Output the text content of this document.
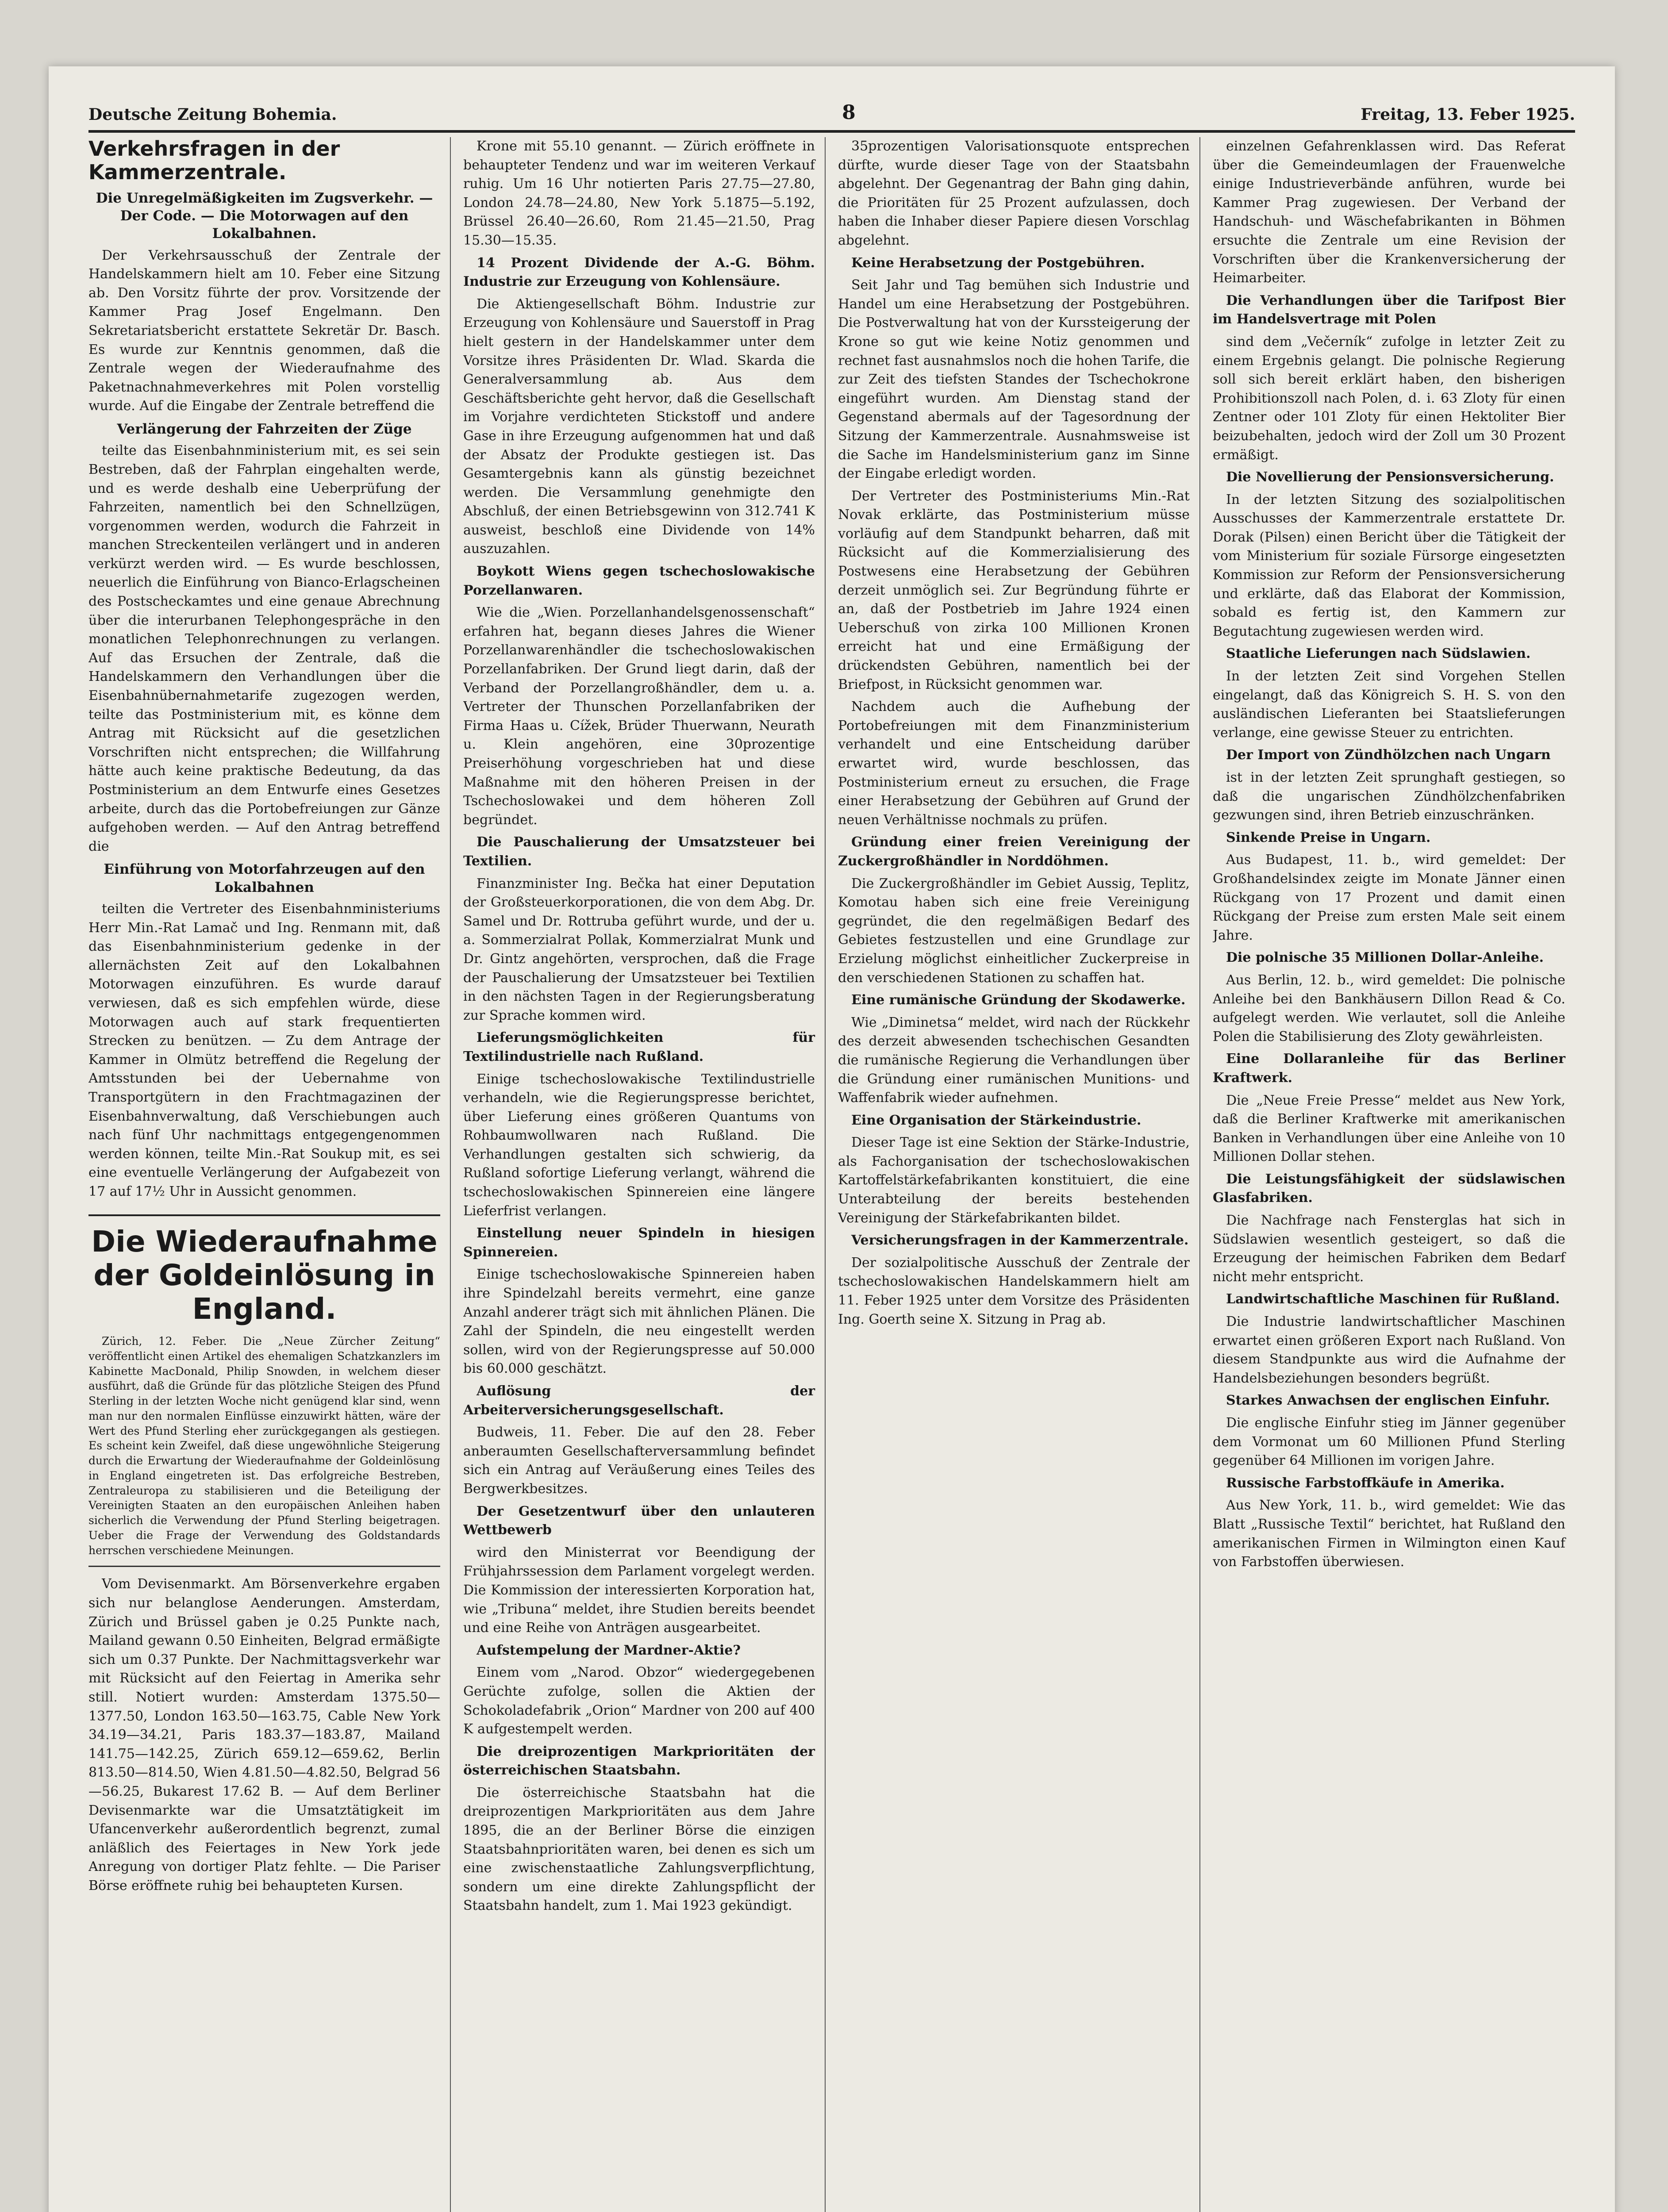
Deutsche Zeitung Bohemia.	8	Freitag, 13. Feber 1925.
Verkehrsfragen in der Kammerzentrale.
Die Unregelmäßigkeiten im Zugsverkehr. — Der Code. — Die Motorwagen auf den Lokalbahnen.

Der Verkehrsausschuß der Zentrale der Handelskammern hielt am 10. Feber eine Sitzung ab. Den Vorsitz führte der prov. Vorsitzende der Kammer Prag Josef Engelmann. Den Sekretariatsbericht erstattete Sekretär Dr. Basch. Es wurde zur Kenntnis genommen, daß die Zentrale wegen der Wiederaufnahme des Paketnachnahmeverkehres mit Polen vorstellig wurde. Auf die Eingabe der Zentrale betreffend die

Verlängerung der Fahrzeiten der Züge

teilte das Eisenbahnministerium mit, es sei sein Bestreben, daß der Fahrplan eingehalten werde, und es werde deshalb eine Ueberprüfung der Fahrzeiten, namentlich bei den Schnellzügen, vorgenommen werden, wodurch die Fahrzeit in manchen Streckenteilen verlängert und in anderen verkürzt werden wird. — Es wurde beschlossen, neuerlich die Einführung von Bianco-Erlagscheinen des Postscheckamtes und eine genaue Abrechnung über die interurbanen Telephongespräche in den monatlichen Telephonrechnungen zu verlangen. Auf das Ersuchen der Zentrale, daß die Handelskammern den Verhandlungen über die Eisenbahnübernahmetarife zugezogen werden, teilte das Postministerium mit, es könne dem Antrag mit Rücksicht auf die gesetzlichen Vorschriften nicht entsprechen; die Willfahrung hätte auch keine praktische Bedeutung, da das Postministerium an dem Entwurfe eines Gesetzes arbeite, durch das die Portobefreiungen zur Gänze aufgehoben werden. — Auf den Antrag betreffend die

Einführung von Motorfahrzeugen auf den Lokalbahnen

teilten die Vertreter des Eisenbahnministeriums Herr Min.-Rat Lamač und Ing. Renmann mit, daß das Eisenbahnministerium gedenke in der allernächsten Zeit auf den Lokalbahnen Motorwagen einzuführen. Es wurde darauf verwiesen, daß es sich empfehlen würde, diese Motorwagen auch auf stark frequentierten Strecken zu benützen. — Zu dem Antrage der Kammer in Olmütz betreffend die Regelung der Amtsstunden bei der Uebernahme von Transportgütern in den Frachtmagazinen der Eisenbahnverwaltung, daß Verschiebungen auch nach fünf Uhr nachmittags entgegengenommen werden können, teilte Min.-Rat Soukup mit, es sei eine eventuelle Verlängerung der Aufgabezeit von 17 auf 17½ Uhr in Aussicht genommen.

Die Wiederaufnahme der Goldeinlösung in England.

Zürich, 12. Feber. Die „Neue Zürcher Zeitung“ veröffentlicht einen Artikel des ehemaligen Schatzkanzlers im Kabinette MacDonald, Philip Snowden, in welchem dieser ausführt, daß die Gründe für das plötzliche Steigen des Pfund Sterling in der letzten Woche nicht genügend klar sind, wenn man nur den normalen Einflüsse einzuwirkt hätten, wäre der Wert des Pfund Sterling eher zurückgegangen als gestiegen. Es scheint kein Zweifel, daß diese ungewöhnliche Steigerung durch die Erwartung der Wiederaufnahme der Goldeinlösung in England eingetreten ist. Das erfolgreiche Bestreben, Zentraleuropa zu stabilisieren und die Beteiligung der Vereinigten Staaten an den europäischen Anleihen haben sicherlich die Verwendung der Pfund Sterling beigetragen. Ueber die Frage der Verwendung des Goldstandards herrschen verschiedene Meinungen.

Vom Devisenmarkt. Am Börsenverkehre ergaben sich nur belanglose Aenderungen. Amsterdam, Zürich und Brüssel gaben je 0.25 Punkte nach, Mailand gewann 0.50 Einheiten, Belgrad ermäßigte sich um 0.37 Punkte. Der Nachmittagsverkehr war mit Rücksicht auf den Feiertag in Amerika sehr still. Notiert wurden: Amsterdam 1375.50—1377.50, London 163.50—163.75, Cable New York 34.19—34.21, Paris 183.37—183.87, Mailand 141.75—142.25, Zürich 659.12—659.62, Berlin 813.50—814.50, Wien 4.81.50—4.82.50, Belgrad 56—56.25, Bukarest 17.62 B. — Auf dem Berliner Devisenmarkte war die Umsatztätigkeit im Ufancenverkehr außerordentlich begrenzt, zumal anläßlich des Feiertages in New York jede Anregung von dortiger Platz fehlte. — Die Pariser Börse eröffnete ruhig bei behaupteten Kursen.

Krone mit 55.10 genannt. — Zürich eröffnete in behaupteter Tendenz und war im weiteren Verkauf ruhig. Um 16 Uhr notierten Paris 27.75—27.80, London 24.78—24.80, New York 5.1875—5.192, Brüssel 26.40—26.60, Rom 21.45—21.50, Prag 15.30—15.35.

14 Prozent Dividende der A.-G. Böhm. Industrie zur Erzeugung von Kohlensäure.

Die Aktiengesellschaft Böhm. Industrie zur Erzeugung von Kohlensäure und Sauerstoff in Prag hielt gestern in der Handelskammer unter dem Vorsitze ihres Präsidenten Dr. Wlad. Skarda die Generalversammlung ab. Aus dem Geschäftsberichte geht hervor, daß die Gesellschaft im Vorjahre verdichteten Stickstoff und andere Gase in ihre Erzeugung aufgenommen hat und daß der Absatz der Produkte gestiegen ist. Das Gesamtergebnis kann als günstig bezeichnet werden. Die Versammlung genehmigte den Abschluß, der einen Betriebsgewinn von 312.741 K ausweist, beschloß eine Dividende von 14% auszuzahlen.

Boykott Wiens gegen tschechoslowakische Porzellanwaren.

Wie die „Wien. Porzellanhandelsgenossenschaft“ erfahren hat, begann dieses Jahres die Wiener Porzellanwarenhändler die tschechoslowakischen Porzellanfabriken. Der Grund liegt darin, daß der Verband der Porzellangroßhändler, dem u. a. Vertreter der Thunschen Porzellanfabriken der Firma Haas u. Cížek, Brüder Thuerwann, Neurath u. Klein angehören, eine 30prozentige Preiserhöhung vorgeschrieben hat und diese Maßnahme mit den höheren Preisen in der Tschechoslowakei und dem höheren Zoll begründet.

Die Pauschalierung der Umsatzsteuer bei Textilien.

Finanzminister Ing. Bečka hat einer Deputation der Großsteuerkorporationen, die von dem Abg. Dr. Samel und Dr. Rottruba geführt wurde, und der u. a. Sommerzialrat Pollak, Kommerzialrat Munk und Dr. Gintz angehörten, versprochen, daß die Frage der Pauschalierung der Umsatzsteuer bei Textilien in den nächsten Tagen in der Regierungsberatung zur Sprache kommen wird.

Lieferungsmöglichkeiten für Textilindustrielle nach Rußland.

Einige tschechoslowakische Textilindustrielle verhandeln, wie die Regierungspresse berichtet, über Lieferung eines größeren Quantums von Rohbaumwollwaren nach Rußland. Die Verhandlungen gestalten sich schwierig, da Rußland sofortige Lieferung verlangt, während die tschechoslowakischen Spinnereien eine längere Lieferfrist verlangen.

Einstellung neuer Spindeln in hiesigen Spinnereien.

Einige tschechoslowakische Spinnereien haben ihre Spindelzahl bereits vermehrt, eine ganze Anzahl anderer trägt sich mit ähnlichen Plänen. Die Zahl der Spindeln, die neu eingestellt werden sollen, wird von der Regierungspresse auf 50.000 bis 60.000 geschätzt.

Auflösung der Arbeiterversicherungsgesellschaft.

Budweis, 11. Feber. Die auf den 28. Feber anberaumten Gesellschafterversammlung befindet sich ein Antrag auf Veräußerung eines Teiles des Bergwerkbesitzes.

Der Gesetzentwurf über den unlauteren Wettbewerb

wird den Ministerrat vor Beendigung der Frühjahrssession dem Parlament vorgelegt werden. Die Kommission der interessierten Korporation hat, wie „Tribuna“ meldet, ihre Studien bereits beendet und eine Reihe von Anträgen ausgearbeitet.

Aufstempelung der Mardner-Aktie?

Einem vom „Narod. Obzor“ wiedergegebenen Gerüchte zufolge, sollen die Aktien der Schokoladefabrik „Orion“ Mardner von 200 auf 400 K aufgestempelt werden.

Die dreiprozentigen Markprioritäten der österreichischen Staatsbahn.

Die österreichische Staatsbahn hat die dreiprozentigen Markprioritäten aus dem Jahre 1895, die an der Berliner Börse die einzigen Staatsbahnprioritäten waren, bei denen es sich um eine zwischenstaatliche Zahlungsverpflichtung, sondern um eine direkte Zahlungspflicht der Staatsbahn handelt, zum 1. Mai 1923 gekündigt.

35prozentigen Valorisationsquote entsprechen dürfte, wurde dieser Tage von der Staatsbahn abgelehnt. Der Gegenantrag der Bahn ging dahin, die Prioritäten für 25 Prozent aufzulassen, doch haben die Inhaber dieser Papiere diesen Vorschlag abgelehnt.

Keine Herabsetzung der Postgebühren.

Seit Jahr und Tag bemühen sich Industrie und Handel um eine Herabsetzung der Postgebühren. Die Postverwaltung hat von der Kurssteigerung der Krone so gut wie keine Notiz genommen und rechnet fast ausnahmslos noch die hohen Tarife, die zur Zeit des tiefsten Standes der Tschechokrone eingeführt wurden. Am Dienstag stand der Gegenstand abermals auf der Tagesordnung der Sitzung der Kammerzentrale. Ausnahmsweise ist die Sache im Handelsministerium ganz im Sinne der Eingabe erledigt worden.

Der Vertreter des Postministeriums Min.-Rat Novak erklärte, das Postministerium müsse vorläufig auf dem Standpunkt beharren, daß mit Rücksicht auf die Kommerzialisierung des Postwesens eine Herabsetzung der Gebühren derzeit unmöglich sei. Zur Begründung führte er an, daß der Postbetrieb im Jahre 1924 einen Ueberschuß von zirka 100 Millionen Kronen erreicht hat und eine Ermäßigung der drückendsten Gebühren, namentlich bei der Briefpost, in Rücksicht genommen war.

Nachdem auch die Aufhebung der Portobefreiungen mit dem Finanzministerium verhandelt und eine Entscheidung darüber erwartet wird, wurde beschlossen, das Postministerium erneut zu ersuchen, die Frage einer Herabsetzung der Gebühren auf Grund der neuen Verhältnisse nochmals zu prüfen.

Gründung einer freien Vereinigung der Zuckergroßhändler in Norddöhmen.

Die Zuckergroßhändler im Gebiet Aussig, Teplitz, Komotau haben sich eine freie Vereinigung gegründet, die den regelmäßigen Bedarf des Gebietes festzustellen und eine Grundlage zur Erzielung möglichst einheitlicher Zuckerpreise in den verschiedenen Stationen zu schaffen hat.

Eine rumänische Gründung der Skodawerke.

Wie „Diminetsa“ meldet, wird nach der Rückkehr des derzeit abwesenden tschechischen Gesandten die rumänische Regierung die Verhandlungen über die Gründung einer rumänischen Munitions- und Waffenfabrik wieder aufnehmen.

Eine Organisation der Stärkeindustrie.

Dieser Tage ist eine Sektion der Stärke-Industrie, als Fachorganisation der tschechoslowakischen Kartoffelstärkefabrikanten konstituiert, die eine Unterabteilung der bereits bestehenden Vereinigung der Stärkefabrikanten bildet.

Versicherungsfragen in der Kammerzentrale.

Der sozialpolitische Ausschuß der Zentrale der tschechoslowakischen Handelskammern hielt am 11. Feber 1925 unter dem Vorsitze des Präsidenten Ing. Goerth seine X. Sitzung in Prag ab.

einzelnen Gefahrenklassen wird. Das Referat über die Gemeindeumlagen der Frauenwelche einige Industrieverbände anführen, wurde bei Kammer Prag zugewiesen. Der Verband der Handschuh- und Wäschefabrikanten in Böhmen ersuchte die Zentrale um eine Revision der Vorschriften über die Krankenversicherung der Heimarbeiter.

Die Verhandlungen über die Tarifpost Bier im Handelsvertrage mit Polen

sind dem „Večerník“ zufolge in letzter Zeit zu einem Ergebnis gelangt. Die polnische Regierung soll sich bereit erklärt haben, den bisherigen Prohibitionszoll nach Polen, d. i. 63 Zloty für einen Zentner oder 101 Zloty für einen Hektoliter Bier beizubehalten, jedoch wird der Zoll um 30 Prozent ermäßigt.

Die Novellierung der Pensionsversicherung.

In der letzten Sitzung des sozialpolitischen Ausschusses der Kammerzentrale erstattete Dr. Dorak (Pilsen) einen Bericht über die Tätigkeit der vom Ministerium für soziale Fürsorge eingesetzten Kommission zur Reform der Pensionsversicherung und erklärte, daß das Elaborat der Kommission, sobald es fertig ist, den Kammern zur Begutachtung zugewiesen werden wird.

Staatliche Lieferungen nach Südslawien.

In der letzten Zeit sind Vorgehen Stellen eingelangt, daß das Königreich S. H. S. von den ausländischen Lieferanten bei Staatslieferungen verlange, eine gewisse Steuer zu entrichten.

Der Import von Zündhölzchen nach Ungarn

ist in der letzten Zeit sprunghaft gestiegen, so daß die ungarischen Zündhölzchenfabriken gezwungen sind, ihren Betrieb einzuschränken.

Sinkende Preise in Ungarn.

Aus Budapest, 11. b., wird gemeldet: Der Großhandelsindex zeigte im Monate Jänner einen Rückgang von 17 Prozent und damit einen Rückgang der Preise zum ersten Male seit einem Jahre.

Die polnische 35 Millionen Dollar-Anleihe.

Aus Berlin, 12. b., wird gemeldet: Die polnische Anleihe bei den Bankhäusern Dillon Read & Co. aufgelegt werden. Wie verlautet, soll die Anleihe Polen die Stabilisierung des Zloty gewährleisten.

Eine Dollaranleihe für das Berliner Kraftwerk.

Die „Neue Freie Presse“ meldet aus New York, daß die Berliner Kraftwerke mit amerikanischen Banken in Verhandlungen über eine Anleihe von 10 Millionen Dollar stehen.

Die Leistungsfähigkeit der südslawischen Glasfabriken.

Die Nachfrage nach Fensterglas hat sich in Südslawien wesentlich gesteigert, so daß die Erzeugung der heimischen Fabriken dem Bedarf nicht mehr entspricht.

Landwirtschaftliche Maschinen für Rußland.

Die Industrie landwirtschaftlicher Maschinen erwartet einen größeren Export nach Rußland. Von diesem Standpunkte aus wird die Aufnahme der Handelsbeziehungen besonders begrüßt.

Starkes Anwachsen der englischen Einfuhr.

Die englische Einfuhr stieg im Jänner gegenüber dem Vormonat um 60 Millionen Pfund Sterling gegenüber 64 Millionen im vorigen Jahre.

Russische Farbstoffkäufe in Amerika.

Aus New York, 11. b., wird gemeldet: Wie das Blatt „Russische Textil“ berichtet, hat Rußland den amerikanischen Firmen in Wilmington einen Kauf von Farbstoffen überwiesen.
